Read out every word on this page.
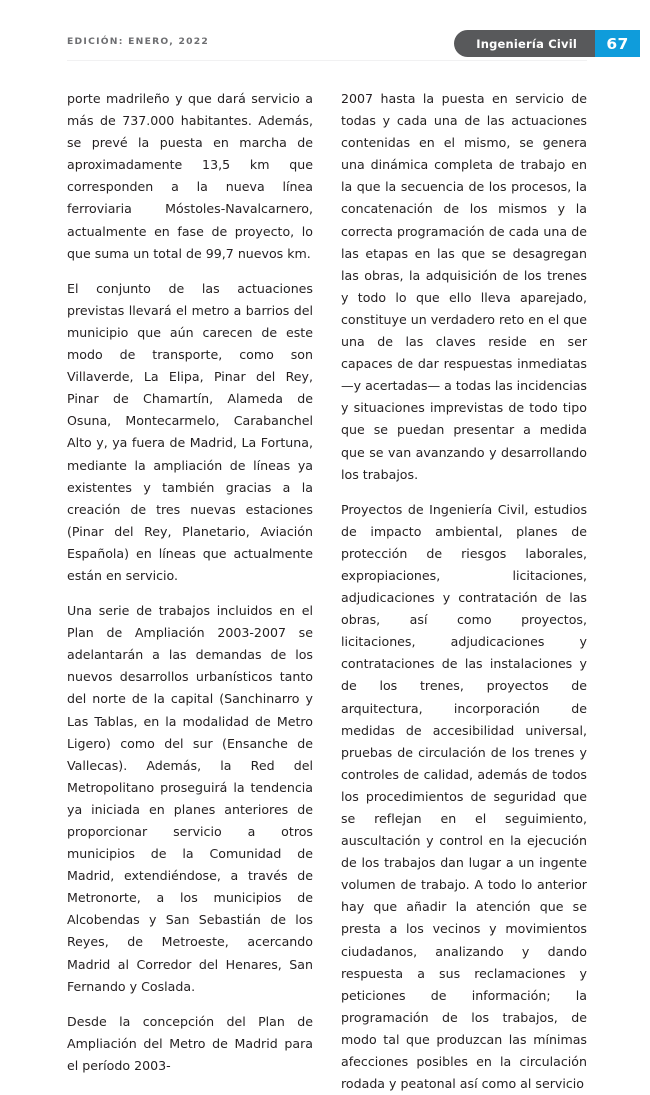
EDICIÓN: ENERO, 2022	Ingeniería Civil 67

porte madrileño y que dará servicio a más de 737.000 habitantes. Además, se prevé la puesta en marcha de aproximadamente 13,5 km que corresponden a la nueva línea ferroviaria Móstoles-Navalcarnero, actualmente en fase de proyecto, lo que suma un total de 99,7 nuevos km.

El conjunto de las actuaciones previstas llevará el metro a barrios del municipio que aún carecen de este modo de transporte, como son Villaverde, La Elipa, Pinar del Rey, Pinar de Chamartín, Alameda de Osuna, Montecarmelo, Carabanchel Alto y, ya fuera de Madrid, La Fortuna, mediante la ampliación de líneas ya existentes y también gracias a la creación de tres nuevas estaciones (Pinar del Rey, Planetario, Aviación Española) en líneas que actualmente están en servicio.

Una serie de trabajos incluidos en el Plan de Ampliación 2003-2007 se adelantarán a las demandas de los nuevos desarrollos urbanísticos tanto del norte de la capital (Sanchinarro y Las Tablas, en la modalidad de Metro Ligero) como del sur (Ensanche de Vallecas). Además, la Red del Metropolitano proseguirá la tendencia ya iniciada en planes anteriores de proporcionar servicio a otros municipios de la Comunidad de Madrid, extendiéndose, a través de Metronorte, a los municipios de Alcobendas y San Sebastián de los Reyes, de Metroeste, acercando Madrid al Corredor del Henares, San Fernando y Coslada.

Desde la concepción del Plan de Ampliación del Metro de Madrid para el período 2003-

2007 hasta la puesta en servicio de todas y cada una de las actuaciones contenidas en el mismo, se genera una dinámica completa de trabajo en la que la secuencia de los procesos, la concatenación de los mismos y la correcta programación de cada una de las etapas en las que se desagregan las obras, la adquisición de los trenes y todo lo que ello lleva aparejado, constituye un verdadero reto en el que una de las claves reside en ser capaces de dar respuestas inmediatas —y acertadas— a todas las incidencias y situaciones imprevistas de todo tipo que se puedan presentar a medida que se van avanzando y desarrollando los trabajos.

Proyectos de Ingeniería Civil, estudios de impacto ambiental, planes de protección de riesgos laborales, expropiaciones, licitaciones, adjudicaciones y contratación de las obras, así como proyectos, licitaciones, adjudicaciones y contrataciones de las instalaciones y de los trenes, proyectos de arquitectura, incorporación de medidas de accesibilidad universal, pruebas de circulación de los trenes y controles de calidad, además de todos los procedimientos de seguridad que se reflejan en el seguimiento, auscultación y control en la ejecución de los trabajos dan lugar a un ingente volumen de trabajo. A todo lo anterior hay que añadir la atención que se presta a los vecinos y movimientos ciudadanos, analizando y dando respuesta a sus reclamaciones y peticiones de información; la programación de los trabajos, de modo tal que produzcan las mínimas afecciones posibles en la circulación rodada y peatonal así como al servicio
